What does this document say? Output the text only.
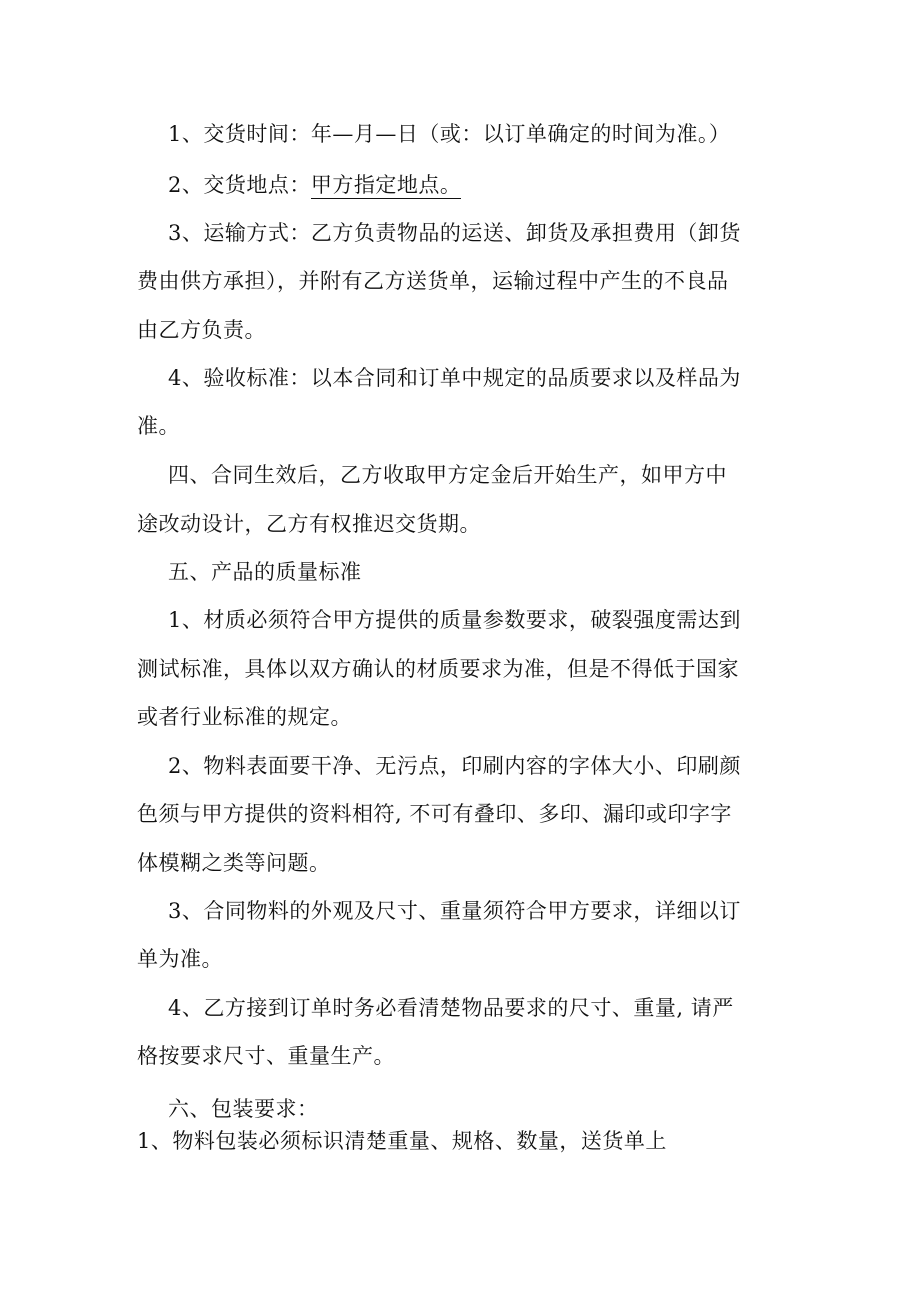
1、交货时间：年—月—日（或：以订单确定的时间为准。）
2、交货地点：甲方指定地点。
3、运输方式：乙方负责物品的运送、卸货及承担费用（卸货
费由供方承担），并附有乙方送货单，运输过程中产生的不良品
由乙方负责。
4、验收标准：以本合同和订单中规定的品质要求以及样品为
准。
四、合同生效后，乙方收取甲方定金后开始生产，如甲方中
途改动设计，乙方有权推迟交货期。
五、产品的质量标准
1、材质必须符合甲方提供的质量参数要求，破裂强度需达到
测试标准，具体以双方确认的材质要求为准，但是不得低于国家
或者行业标准的规定。
2、物料表面要干净、无污点，印刷内容的字体大小、印刷颜
色须与甲方提供的资料相符, 不可有叠印、多印、漏印或印字字
体模糊之类等问题。
3、合同物料的外观及尺寸、重量须符合甲方要求，详细以订
单为准。
4、乙方接到订单时务必看清楚物品要求的尺寸、重量, 请严
格按要求尺寸、重量生产。
六、包装要求：
1、物料包装必须标识清楚重量、规格、数量，送货单上
